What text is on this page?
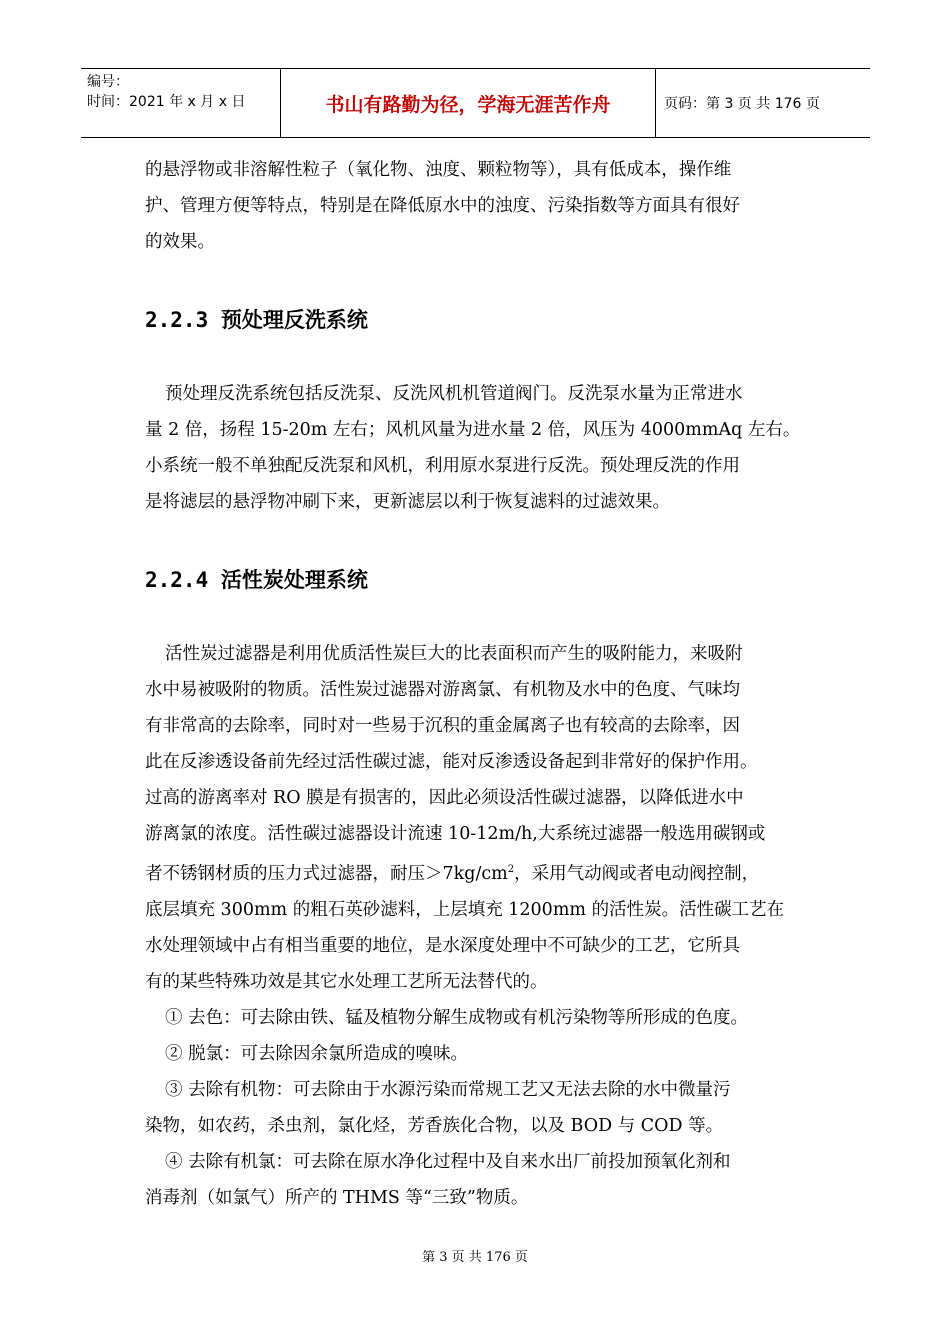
编号：
时间：2021 年 x 月 x 日	书山有路勤为径，学海无涯苦作舟	页码：第 3 页 共 176 页

的悬浮物或非溶解性粒子（氧化物、浊度、颗粒物等），具有低成本，操作维
护、管理方便等特点，特别是在降低原水中的浊度、污染指数等方面具有很好
的效果。

2.2.3 预处理反洗系统

预处理反洗系统包括反洗泵、反洗风机机管道阀门。反洗泵水量为正常进水
量 2 倍，扬程 15-20m 左右；风机风量为进水量 2 倍，风压为 4000mmAq 左右。
小系统一般不单独配反洗泵和风机，利用原水泵进行反洗。预处理反洗的作用
是将滤层的悬浮物冲刷下来，更新滤层以利于恢复滤料的过滤效果。

2.2.4 活性炭处理系统

活性炭过滤器是利用优质活性炭巨大的比表面积而产生的吸附能力，来吸附
水中易被吸附的物质。活性炭过滤器对游离氯、有机物及水中的色度、气味均
有非常高的去除率，同时对一些易于沉积的重金属离子也有较高的去除率，因
此在反渗透设备前先经过活性碳过滤，能对反渗透设备起到非常好的保护作用。
过高的游离率对 RO 膜是有损害的，因此必须设活性碳过滤器，以降低进水中
游离氯的浓度。活性碳过滤器设计流速 10-12m/h,大系统过滤器一般选用碳钢或
者不锈钢材质的压力式过滤器，耐压$>7kg/cm^2$，采用气动阀或者电动阀控制，
底层填充 300mm 的粗石英砂滤料，上层填充 1200mm 的活性炭。活性碳工艺在
水处理领域中占有相当重要的地位，是水深度处理中不可缺少的工艺，它所具
有的某些特殊功效是其它水处理工艺所无法替代的。
① 去色：可去除由铁、锰及植物分解生成物或有机污染物等所形成的色度。
② 脱氯：可去除因余氯所造成的嗅味。
③ 去除有机物：可去除由于水源污染而常规工艺又无法去除的水中微量污
染物，如农药，杀虫剂，氯化烃，芳香族化合物，以及 BOD 与 COD 等。
④ 去除有机氯：可去除在原水净化过程中及自来水出厂前投加预氧化剂和
消毒剂（如氯气）所产的 THMS 等“三致”物质。

第 3 页 共 176 页
